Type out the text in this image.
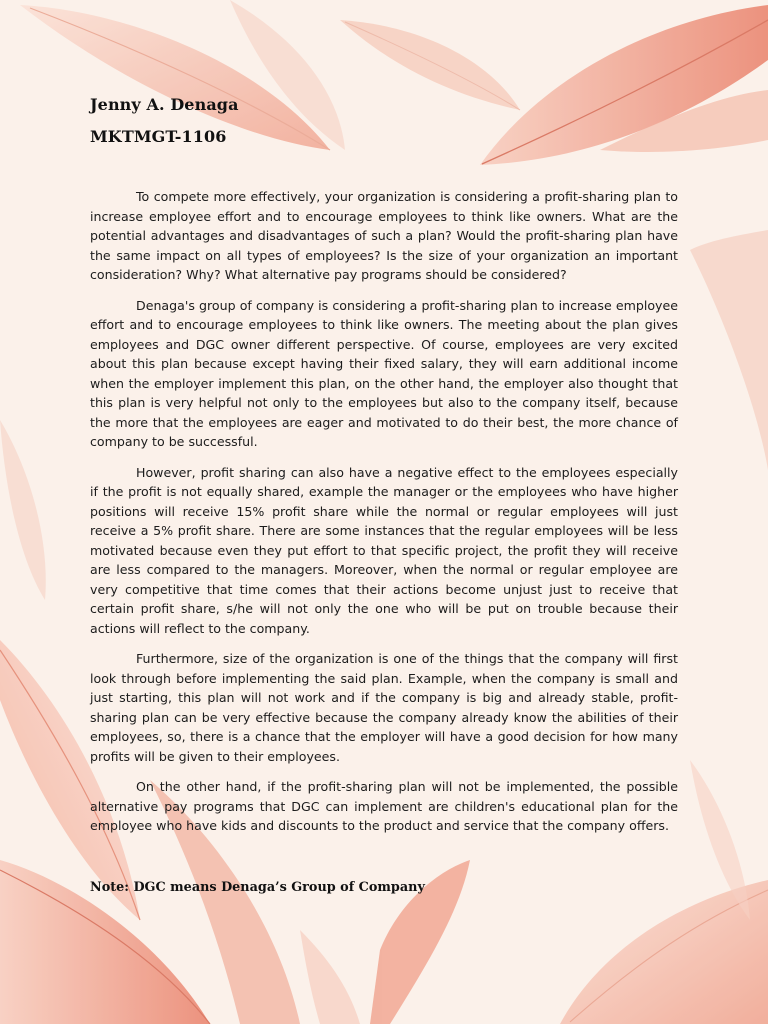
Jenny A. Denaga
MKTMGT-1106

To compete more effectively, your organization is considering a profit-sharing plan to increase employee effort and to encourage employees to think like owners. What are the potential advantages and disadvantages of such a plan? Would the profit-sharing plan have the same impact on all types of employees? Is the size of your organization an important consideration? Why? What alternative pay programs should be considered?

Denaga's group of company is considering a profit-sharing plan to increase employee effort and to encourage employees to think like owners. The meeting about the plan gives employees and DGC owner different perspective. Of course, employees are very excited about this plan because except having their fixed salary, they will earn additional income when the employer implement this plan, on the other hand, the employer also thought that this plan is very helpful not only to the employees but also to the company itself, because the more that the employees are eager and motivated to do their best, the more chance of company to be successful.

However, profit sharing can also have a negative effect to the employees especially if the profit is not equally shared, example the manager or the employees who have higher positions will receive 15% profit share while the normal or regular employees will just receive a 5% profit share. There are some instances that the regular employees will be less motivated because even they put effort to that specific project, the profit they will receive are less compared to the managers. Moreover, when the normal or regular employee are very competitive that time comes that their actions become unjust just to receive that certain profit share, s/he will not only the one who will be put on trouble because their actions will reflect to the company.

Furthermore, size of the organization is one of the things that the company will first look through before implementing the said plan. Example, when the company is small and just starting, this plan will not work and if the company is big and already stable, profit-sharing plan can be very effective because the company already know the abilities of their employees, so, there is a chance that the employer will have a good decision for how many profits will be given to their employees.

On the other hand, if the profit-sharing plan will not be implemented, the possible alternative pay programs that DGC can implement are children's educational plan for the employee who have kids and discounts to the product and service that the company offers.

Note: DGC means Denaga’s Group of Company
